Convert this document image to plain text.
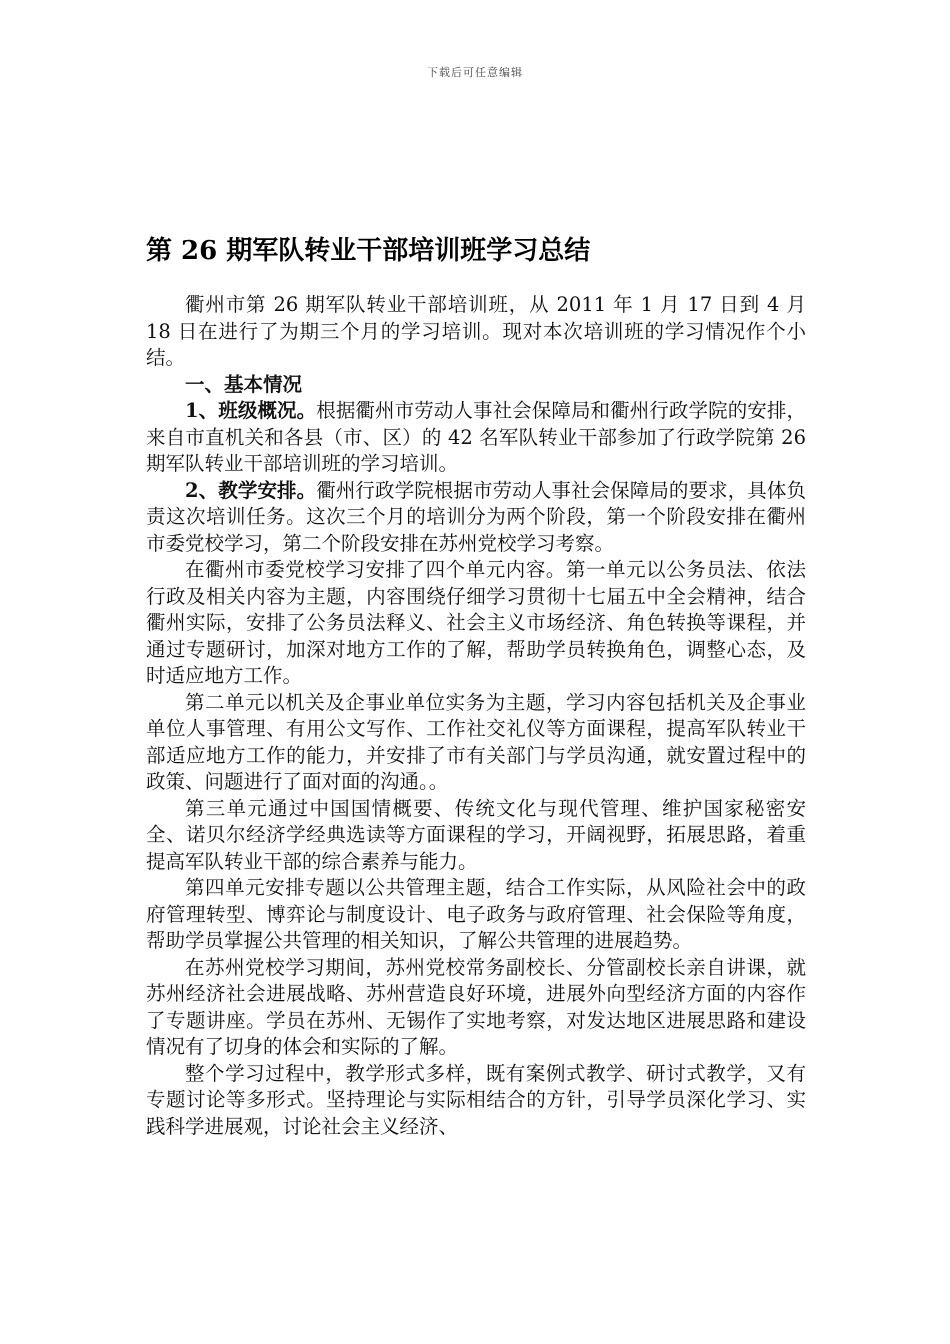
下载后可任意编辑
第 26 期军队转业干部培训班学习总结

衢州市第 26 期军队转业干部培训班，从 2011 年 1 月 17 日到 4 月 18 日在进行了为期三个月的学习培训。现对本次培训班的学习情况作个小结。

一、基本情况

1、班级概况。根据衢州市劳动人事社会保障局和衢州行政学院的安排，来自市直机关和各县（市、区）的 42 名军队转业干部参加了行政学院第 26 期军队转业干部培训班的学习培训。

2、教学安排。衢州行政学院根据市劳动人事社会保障局的要求，具体负责这次培训任务。这次三个月的培训分为两个阶段，第一个阶段安排在衢州市委党校学习，第二个阶段安排在苏州党校学习考察。

在衢州市委党校学习安排了四个单元内容。第一单元以公务员法、依法行政及相关内容为主题，内容围绕仔细学习贯彻十七届五中全会精神，结合衢州实际，安排了公务员法释义、社会主义市场经济、角色转换等课程，并通过专题研讨，加深对地方工作的了解，帮助学员转换角色，调整心态，及时适应地方工作。

第二单元以机关及企事业单位实务为主题，学习内容包括机关及企事业单位人事管理、有用公文写作、工作社交礼仪等方面课程，提高军队转业干部适应地方工作的能力，并安排了市有关部门与学员沟通，就安置过程中的政策、问题进行了面对面的沟通。。

第三单元通过中国国情概要、传统文化与现代管理、维护国家秘密安全、诺贝尔经济学经典选读等方面课程的学习，开阔视野，拓展思路，着重提高军队转业干部的综合素养与能力。

第四单元安排专题以公共管理主题，结合工作实际，从风险社会中的政府管理转型、博弈论与制度设计、电子政务与政府管理、社会保险等角度，帮助学员掌握公共管理的相关知识，了解公共管理的进展趋势。

在苏州党校学习期间，苏州党校常务副校长、分管副校长亲自讲课，就苏州经济社会进展战略、苏州营造良好环境，进展外向型经济方面的内容作了专题讲座。学员在苏州、无锡作了实地考察，对发达地区进展思路和建设情况有了切身的体会和实际的了解。

整个学习过程中，教学形式多样，既有案例式教学、研讨式教学，又有专题讨论等多形式。坚持理论与实际相结合的方针，引导学员深化学习、实践科学进展观，讨论社会主义经济、
